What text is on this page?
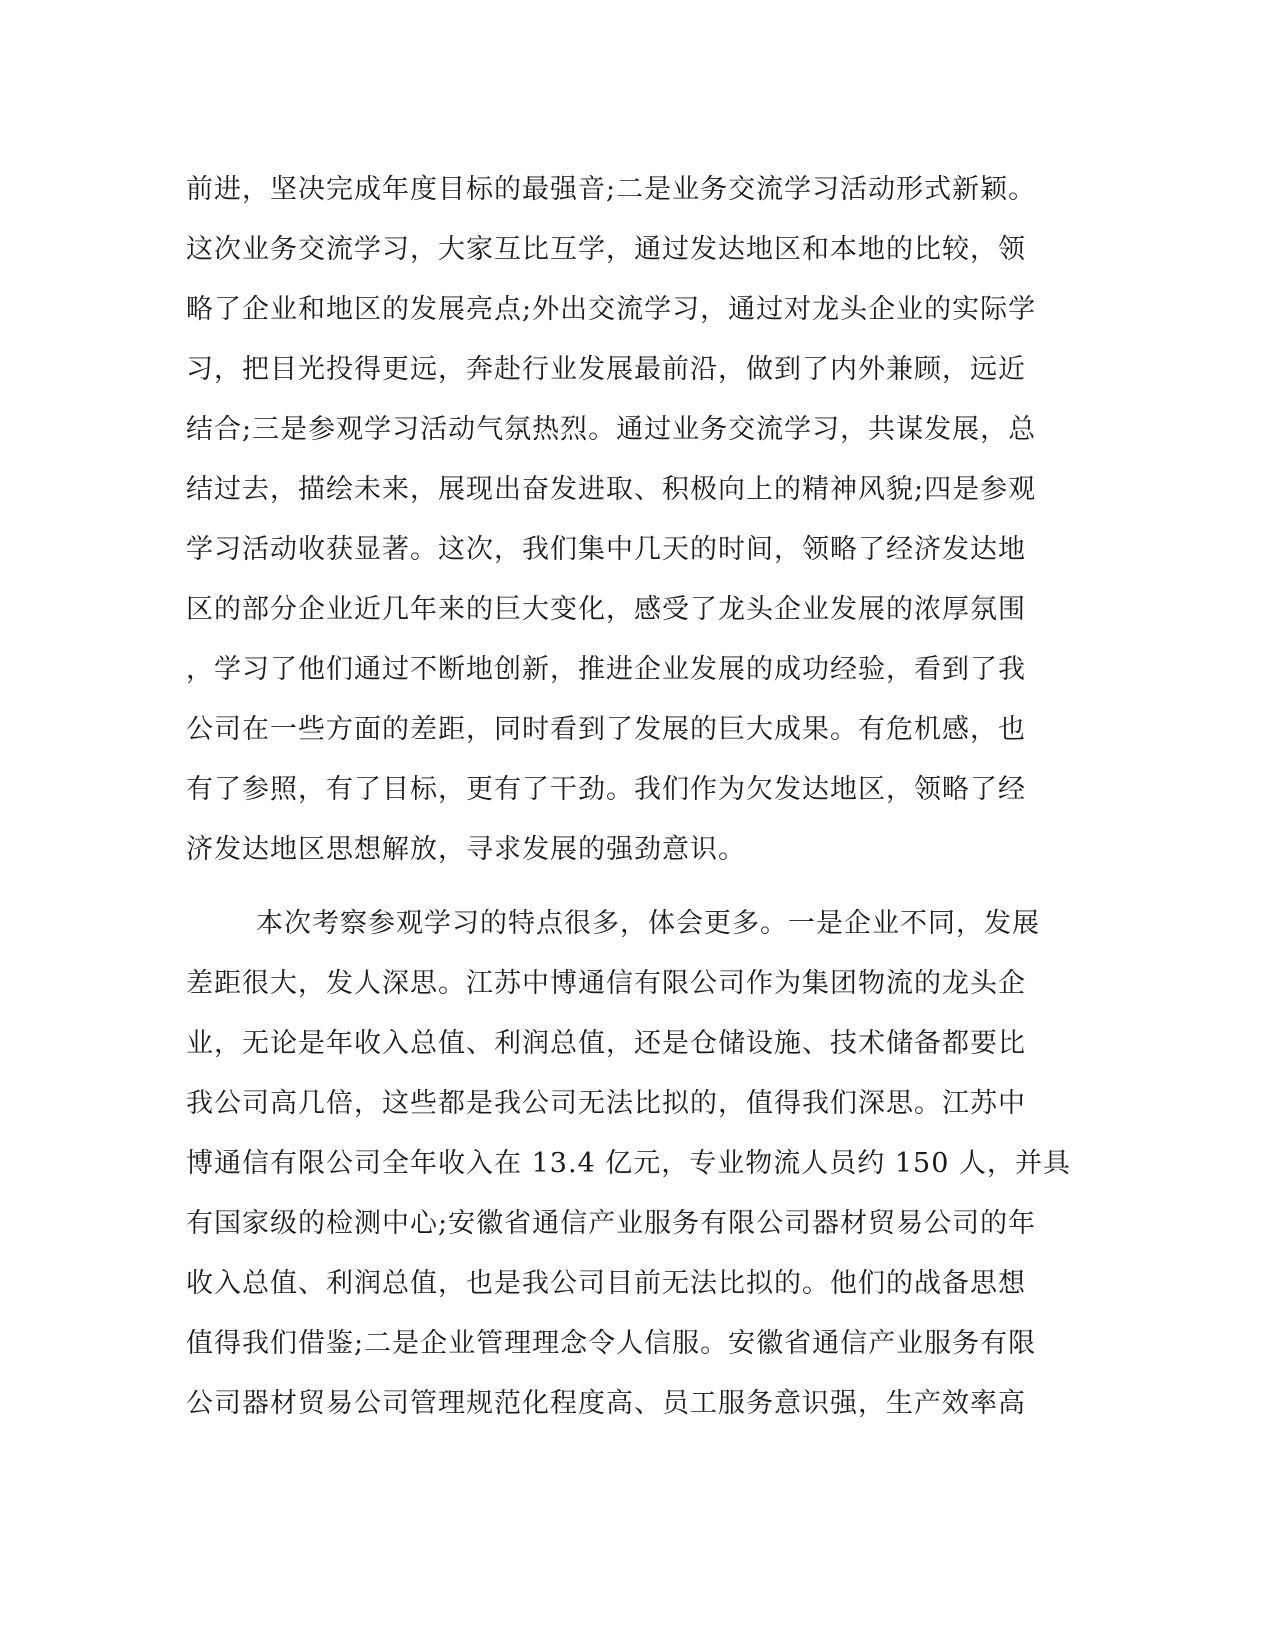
前进，坚决完成年度目标的最强音;二是业务交流学习活动形式新颖。
这次业务交流学习，大家互比互学，通过发达地区和本地的比较，领
略了企业和地区的发展亮点;外出交流学习，通过对龙头企业的实际学
习，把目光投得更远，奔赴行业发展最前沿，做到了内外兼顾，远近
结合;三是参观学习活动气氛热烈。通过业务交流学习，共谋发展，总
结过去，描绘未来，展现出奋发进取、积极向上的精神风貌;四是参观
学习活动收获显著。这次，我们集中几天的时间，领略了经济发达地
区的部分企业近几年来的巨大变化，感受了龙头企业发展的浓厚氛围
，学习了他们通过不断地创新，推进企业发展的成功经验，看到了我
公司在一些方面的差距，同时看到了发展的巨大成果。有危机感，也
有了参照，有了目标，更有了干劲。我们作为欠发达地区，领略了经
济发达地区思想解放，寻求发展的强劲意识。
本次考察参观学习的特点很多，体会更多。一是企业不同，发展
差距很大，发人深思。江苏中博通信有限公司作为集团物流的龙头企
业，无论是年收入总值、利润总值，还是仓储设施、技术储备都要比
我公司高几倍，这些都是我公司无法比拟的，值得我们深思。江苏中
博通信有限公司全年收入在 13.4 亿元，专业物流人员约 150 人，并具
有国家级的检测中心;安徽省通信产业服务有限公司器材贸易公司的年
收入总值、利润总值，也是我公司目前无法比拟的。他们的战备思想
值得我们借鉴;二是企业管理理念令人信服。安徽省通信产业服务有限
公司器材贸易公司管理规范化程度高、员工服务意识强，生产效率高
